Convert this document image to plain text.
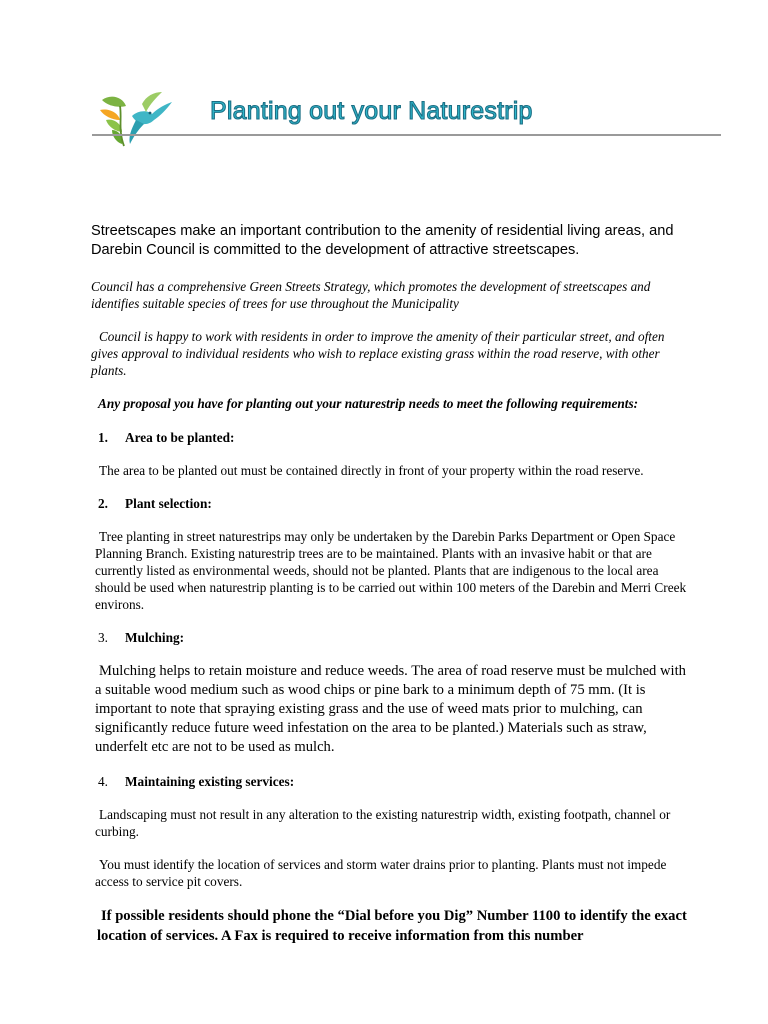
Planting out your Naturestrip

Streetscapes make an important contribution to the amenity of residential living areas, and Darebin Council is committed to the development of attractive streetscapes.

Council has a comprehensive Green Streets Strategy, which promotes the development of streetscapes and identifies suitable species of trees for use throughout the Municipality

Council is happy to work with residents in order to improve the amenity of their particular street, and often gives approval to individual residents who wish to replace existing grass within the road reserve, with other plants.

Any proposal you have for planting out your naturestrip needs to meet the following requirements:

1. Area to be planted:

The area to be planted out must be contained directly in front of your property within the road reserve.

2. Plant selection:

Tree planting in street naturestrips may only be undertaken by the Darebin Parks Department or Open Space Planning Branch. Existing naturestrip trees are to be maintained. Plants with an invasive habit or that are currently listed as environmental weeds, should not be planted. Plants that are indigenous to the local area should be used when naturestrip planting is to be carried out within 100 meters of the Darebin and Merri Creek environs.

3. Mulching:

Mulching helps to retain moisture and reduce weeds. The area of road reserve must be mulched with a suitable wood medium such as wood chips or pine bark to a minimum depth of 75 mm. (It is important to note that spraying existing grass and the use of weed mats prior to mulching, can significantly reduce future weed infestation on the area to be planted.) Materials such as straw, underfelt etc are not to be used as mulch.

4. Maintaining existing services:

Landscaping must not result in any alteration to the existing naturestrip width, existing footpath, channel or curbing.

You must identify the location of services and storm water drains prior to planting. Plants must not impede access to service pit covers.

If possible residents should phone the “Dial before you Dig” Number 1100 to identify the exact location of services. A Fax is required to receive information from this number
